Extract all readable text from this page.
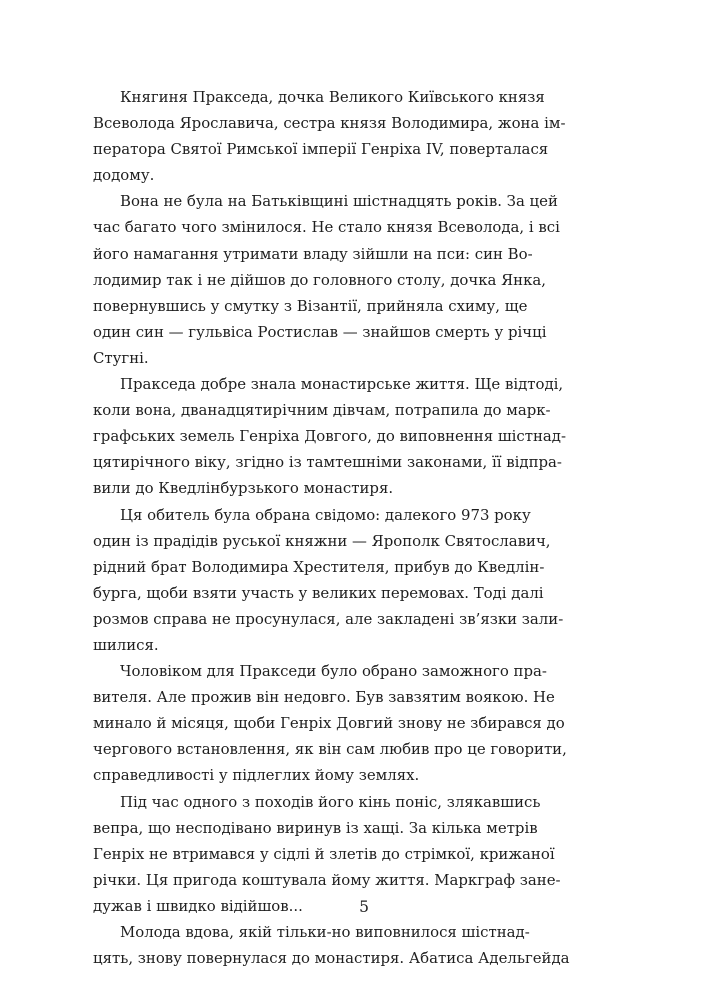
Княгиня Пракседа, дочка Великого Київського князя
Всеволода Ярославича, сестра князя Володимира, жона ім-
ператора Святої Римської імперії Генріха IV, поверталася
додому.

Вона не була на Батьківщині шістнадцять років. За цей
час багато чого змінилося. Не стало князя Всеволода, і всі
його намагання утримати владу зійшли на пси: син Во-
лодимир так і не дійшов до головного столу, дочка Янка,
повернувшись у смутку з Візантії, прийняла схиму, ще
один син — гульвіса Ростислав — знайшов смерть у річці
Стугні.

Пракседа добре знала монастирське життя. Ще відтоді,
коли вона, дванадцятирічним дівчам, потрапила до марк-
графських земель Генріха Довгого, до виповнення шістнад-
цятирічного віку, згідно із тамтешніми законами, її відпра-
вили до Кведлінбурзького монастиря.

Ця обитель була обрана свідомо: далекого 973 року
один із прадідів руської княжни — Ярополк Святославич,
рідний брат Володимира Хрестителя, прибув до Кведлін-
бурга, щоби взяти участь у великих перемовах. Тоді далі
розмов справа не просунулася, але закладені зв’язки зали-
шилися.

Чоловіком для Пракседи було обрано заможного пра-
вителя. Але прожив він недовго. Був завзятим воякою. Не
минало й місяця, щоби Генріх Довгий знову не збирався до
чергового встановлення, як він сам любив про це говорити,
справедливості у підлеглих йому землях.

Під час одного з походів його кінь поніс, злякавшись
вепра, що несподівано виринув із хащі. За кілька метрів
Генріх не втримався у сідлі й злетів до стрімкої, крижаної
річки. Ця пригода коштувала йому життя. Маркграф зане-
дужав і швидко відійшов...

Молода вдова, якій тільки-но виповнилося шістнад-
цять, знову повернулася до монастиря. Абатиса Адельгейда

5
